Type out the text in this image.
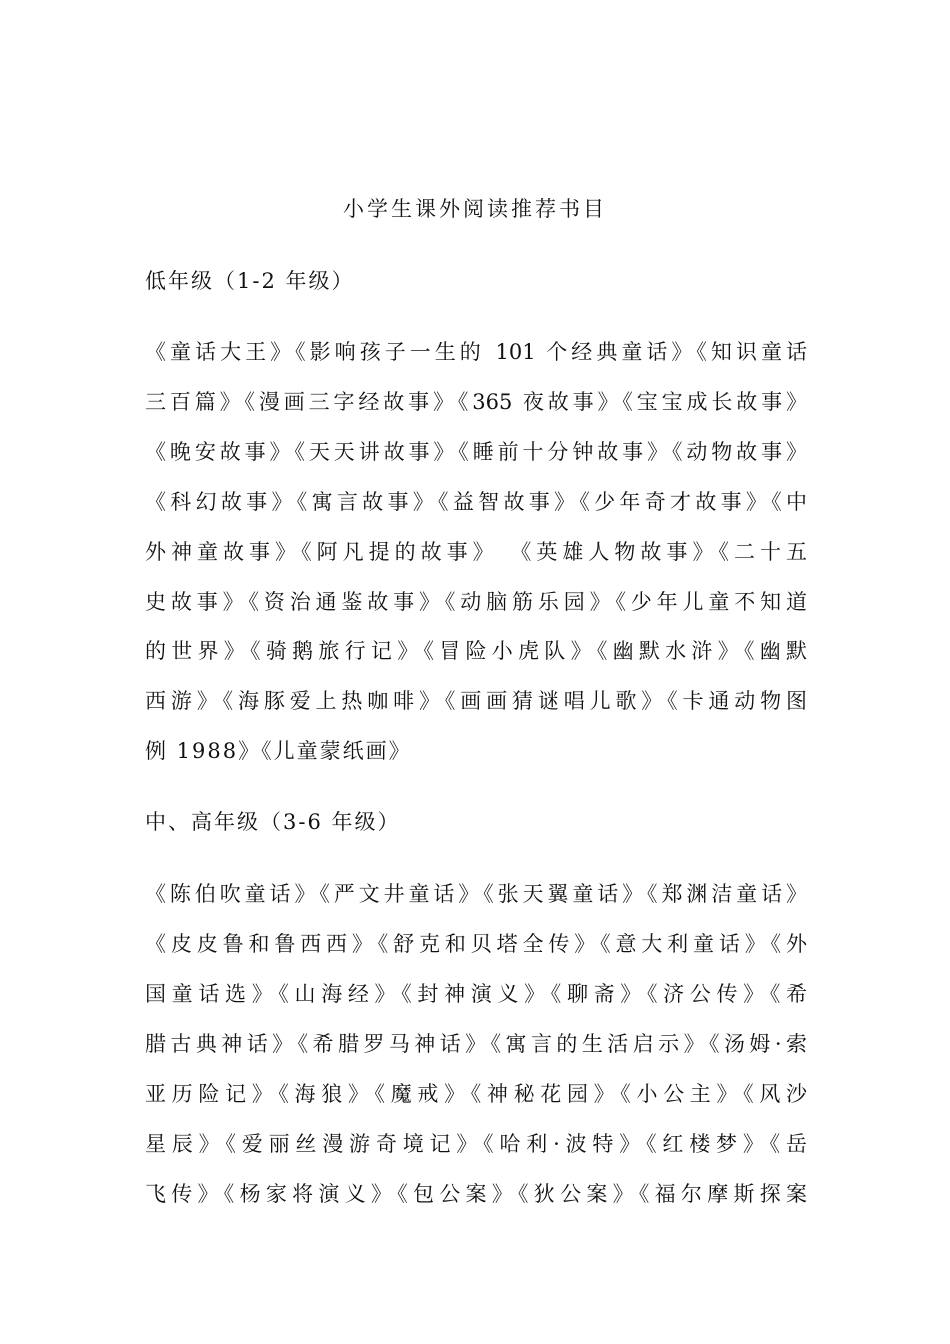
小学生课外阅读推荐书目
低年级（1-2 年级）
《童话大王》《影响孩子一生的 101 个经典童话》《知识童话
三百篇》《漫画三字经故事》《365 夜故事》《宝宝成长故事》
《晚安故事》《天天讲故事》《睡前十分钟故事》《动物故事》
《科幻故事》《寓言故事》《益智故事》《少年奇才故事》《中
外神童故事》《阿凡提的故事》 《英雄人物故事》《二十五
史故事》《资治通鉴故事》《动脑筋乐园》《少年儿童不知道
的世界》《骑鹅旅行记》《冒险小虎队》《幽默水浒》《幽默
西游》《海豚爱上热咖啡》《画画猜谜唱儿歌》《卡通动物图
例 1988》《儿童蒙纸画》
中、高年级（3-6 年级）
《陈伯吹童话》《严文井童话》《张天翼童话》《郑渊洁童话》
《皮皮鲁和鲁西西》《舒克和贝塔全传》《意大利童话》《外
国童话选》《山海经》《封神演义》《聊斋》《济公传》《希
腊古典神话》《希腊罗马神话》《寓言的生活启示》《汤姆·索
亚历险记》《海狼》《魔戒》《神秘花园》《小公主》《风沙
星辰》《爱丽丝漫游奇境记》《哈利·波特》《红楼梦》《岳
飞传》《杨家将演义》《包公案》《狄公案》《福尔摩斯探案
